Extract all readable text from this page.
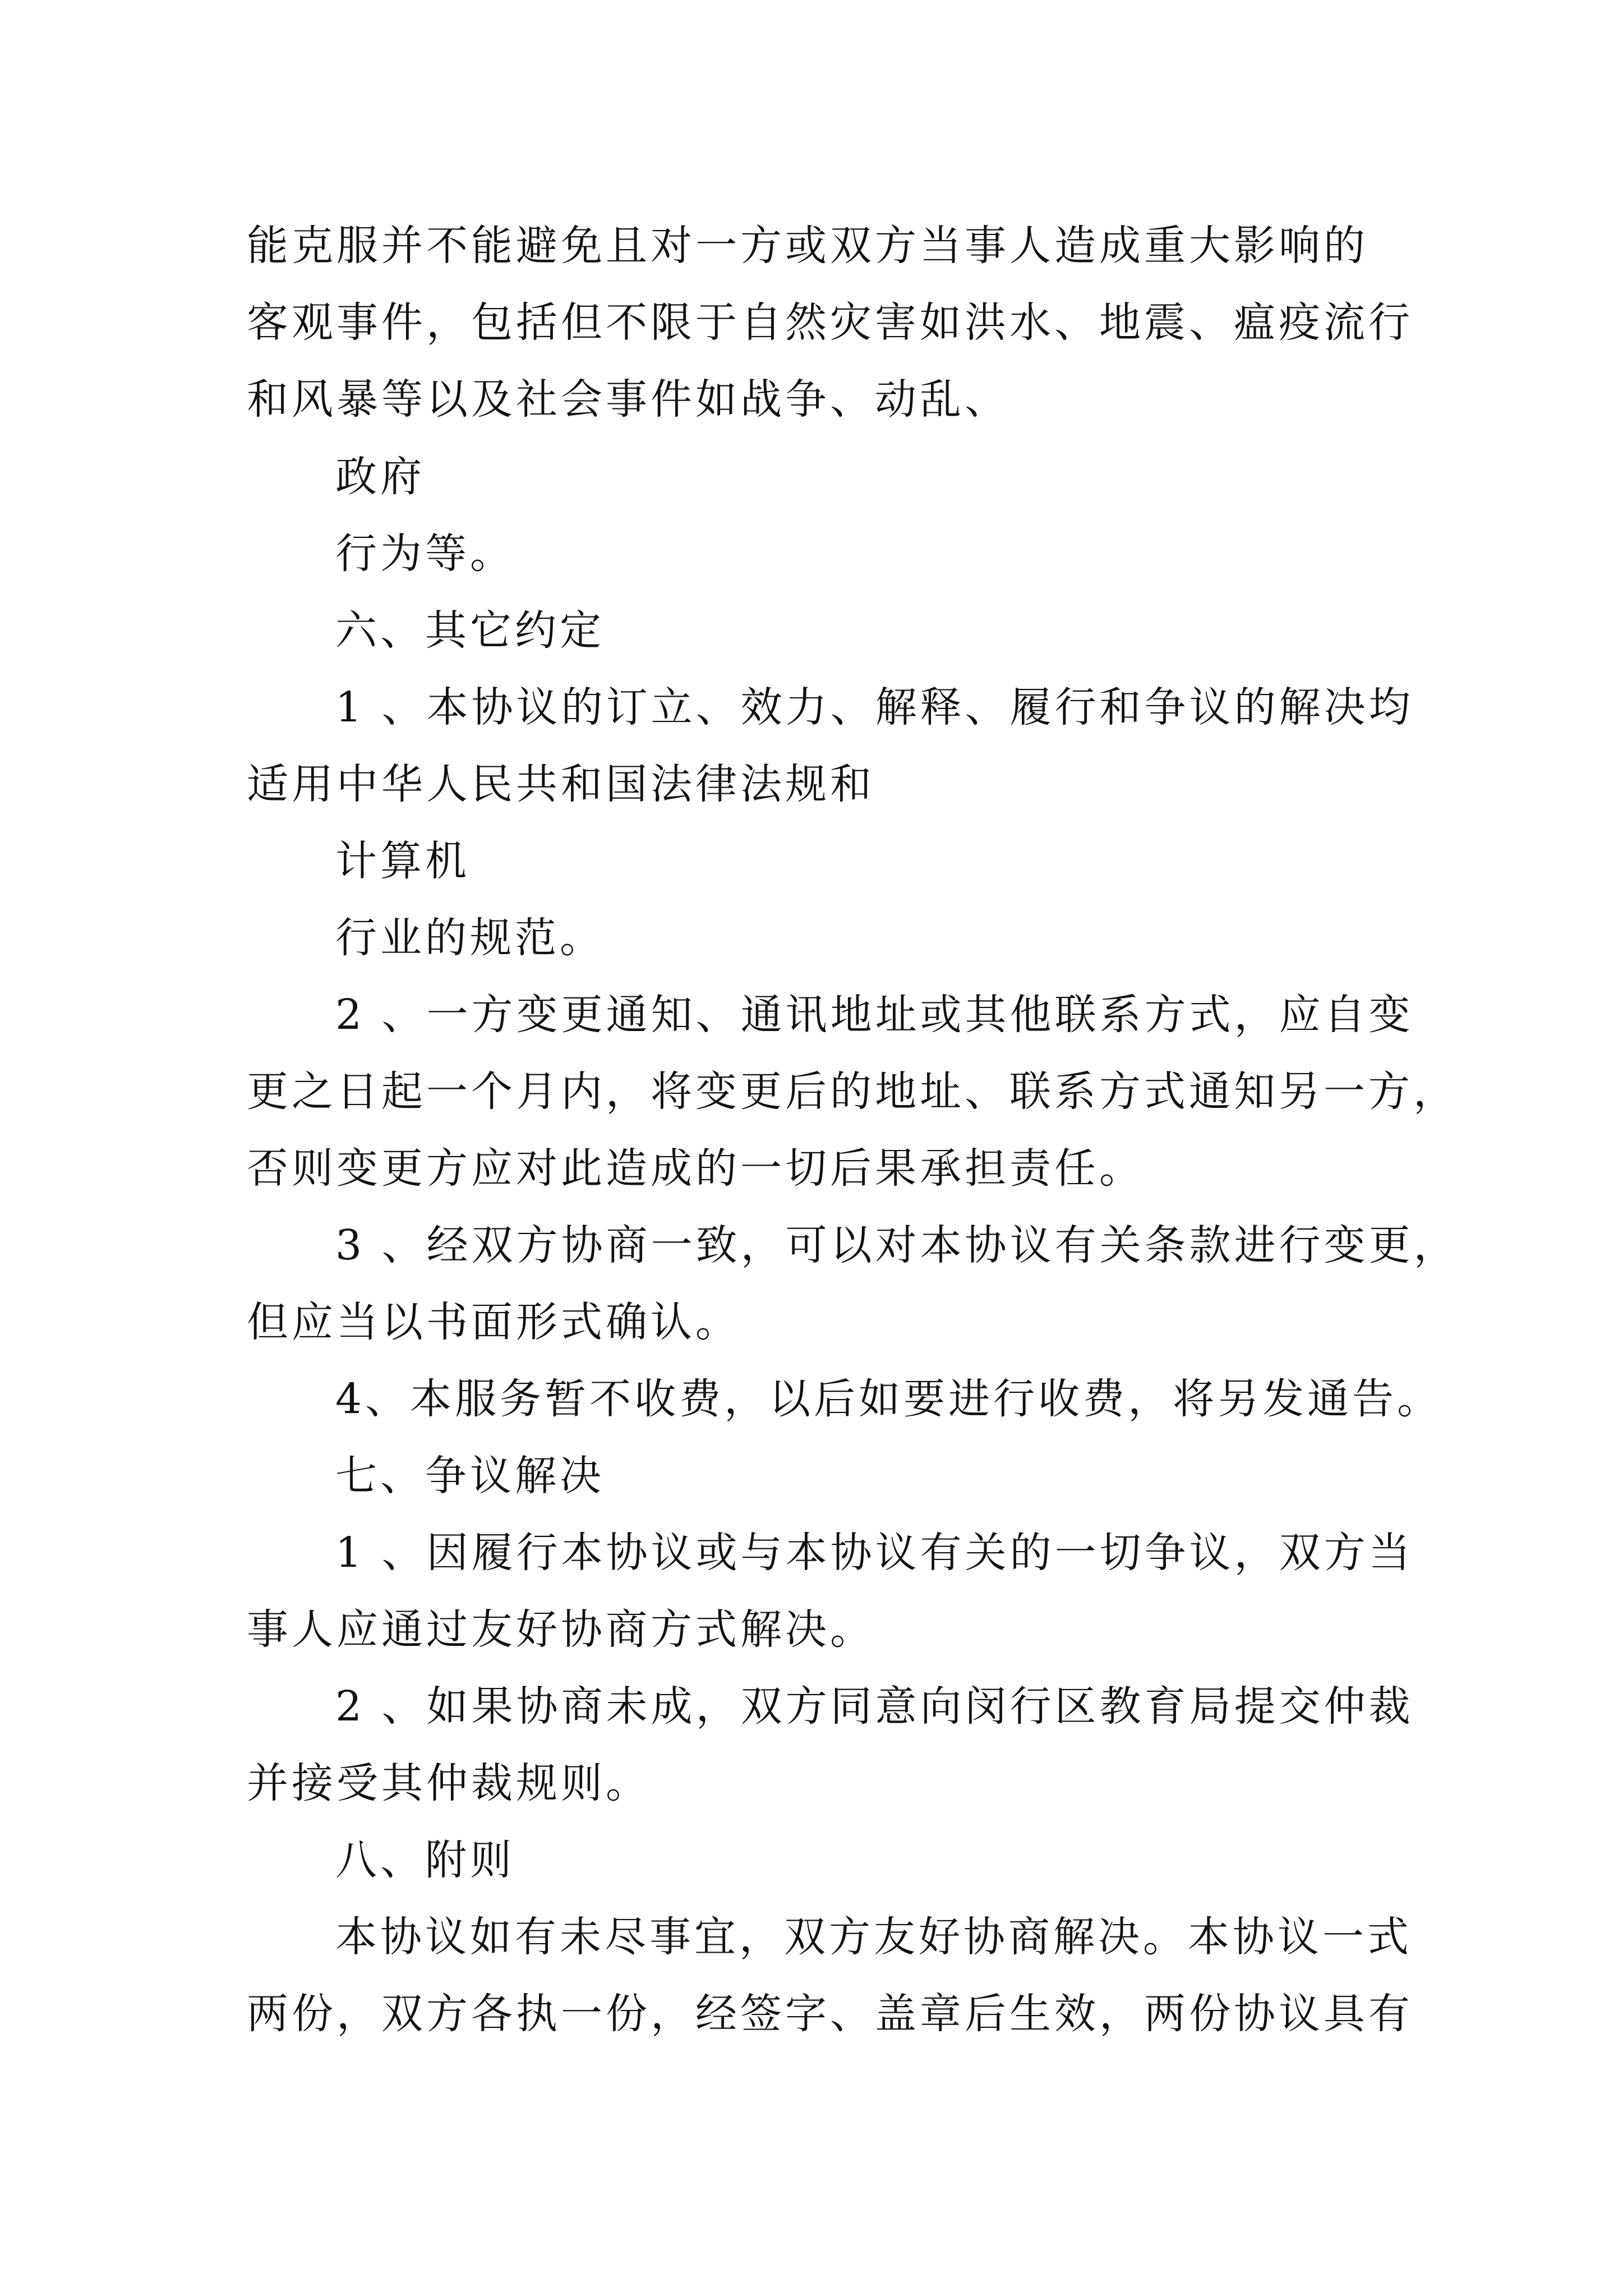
能克服并不能避免且对一方或双方当事人造成重大影响的
客观事件，包括但不限于自然灾害如洪水、地震、瘟疫流行
和风暴等以及社会事件如战争、动乱、
政府
行为等。
六、其它约定
1 、本协议的订立、效力、解释、履行和争议的解决均
适用中华人民共和国法律法规和
计算机
行业的规范。
2 、一方变更通知、通讯地址或其他联系方式，应自变
更之日起一个月内，将变更后的地址、联系方式通知另一方，
否则变更方应对此造成的一切后果承担责任。
3 、经双方协商一致，可以对本协议有关条款进行变更，
但应当以书面形式确认。
4、本服务暂不收费，以后如要进行收费，将另发通告。
七、争议解决
1 、因履行本协议或与本协议有关的一切争议，双方当
事人应通过友好协商方式解决。
2 、如果协商未成，双方同意向闵行区教育局提交仲裁
并接受其仲裁规则。
八、附则
本协议如有未尽事宜，双方友好协商解决。本协议一式
两份，双方各执一份，经签字、盖章后生效，两份协议具有
